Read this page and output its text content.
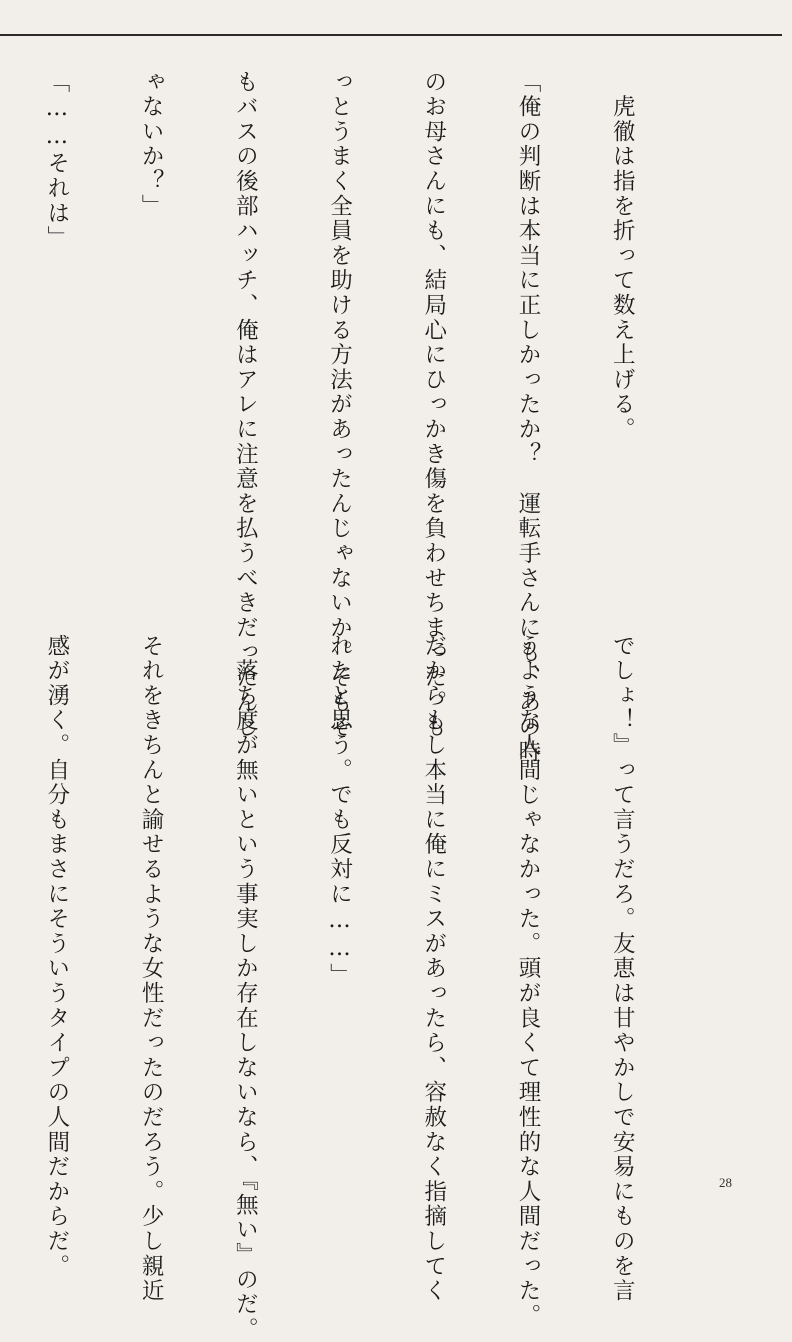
　虎徹は指を折って数え上げる。

「俺の判断は本当に正しかったか？　運転手さんにも、あの時

のお母さんにも、結局心にひっかき傷を負わせちまった。も

っとうまく全員を助ける方法があったんじゃないか。そもそ

もバスの後部ハッチ、俺はアレに注意を払うべきだったんじ

ゃないか？」

「……それは」

でしょ！』って言うだろ。友恵は甘やかしで安易にものを言

うような人間じゃなかった。頭が良くて理性的な人間だった。

だからもし本当に俺にミスがあったら、容赦なく指摘してく

れたと思う。でも反対に……」

　落ち度が無いという事実しか存在しないなら、『無い』のだ。

それをきちんと諭せるような女性だったのだろう。少し親近

感が湧く。自分もまさにそういうタイプの人間だからだ。

	28
